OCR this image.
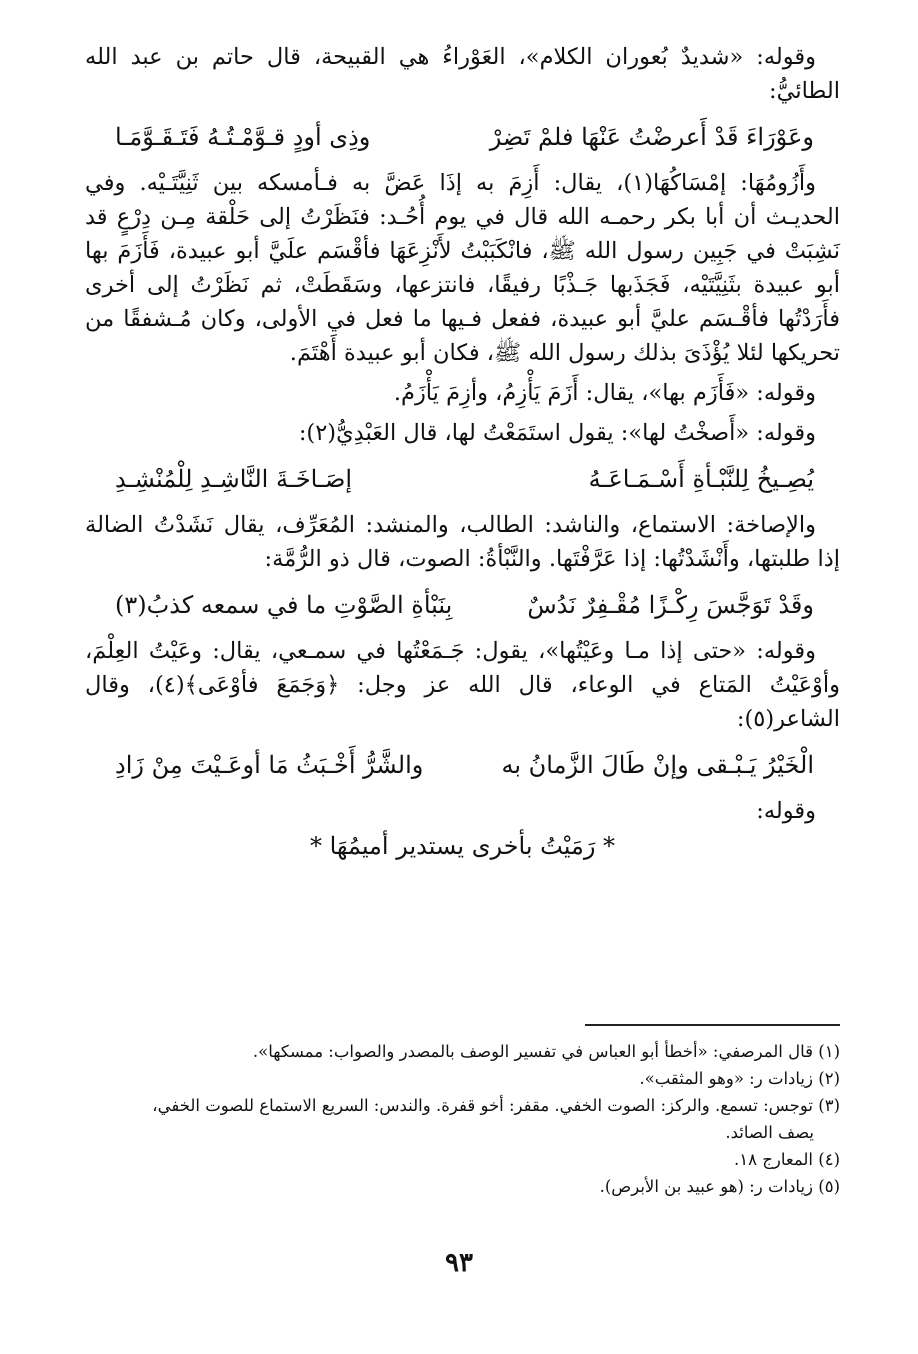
وقوله: «شديدٌ بُعوران الكلام»، العَوْراءُ هي القبيحة، قال حاتم بن عبد الله الطائيُّ:

وعَوْرَاءَ قَدْ أَعرضْتُ عَنْهَا فلمْ تَضِرْ
وذِى أودٍ قـوَّمْـتُـهُ فَتَـقَـوَّمَـا

وأَزُومُهَا: إمْسَاكُهَا(١)، يقال: أَزِمَ به إذَا عَضَّ به فـأمسكه بين ثَنِيَّتَـيْه. وفي الحديـث أن أبا بكر رحمـه الله قال في يوم أُحُـد: فنَظَرْتُ إلى حَلْقة مِـن دِرْعٍ قد نَشِبَتْ في جَبِين رسول الله ﷺ، فانْكَبَبْتُ لأَنْزِعَهَا فأقْسَم علَيَّ أبو عبيدة، فَأَزَمَ بها أبو عبيدة بثَنِيَّتَيْه، فَجَذَبها جَـذْبًا رفيقًا، فانتزعها، وسَقَطَتْ، ثم نَظَرْتُ إلى أخرى فأَرَدْتُها فأقْـسَم عليَّ أبو عبيدة، ففعل فـيها ما فعل في الأولى، وكان مُـشفقًا من تحريكها لئلا يُؤْذَىَ بذلك رسول الله ﷺ، فكان أبو عبيدة أَهْتَمَ.

وقوله: «فَأَزَم بها»، يقال: أَزَمَ يَأْزِمُ، وأزِمَ يَأْزَمُ.

وقوله: «أَصخْتُ لها»: يقول استَمَعْتُ لها، قال العَبْدِيُّ(٢):

يُصِـيخُ لِلنَّبْـأةِ أَسْـمَـاعَـهُ
إصَـاخَـةَ النَّاشِـدِ لِلْمُنْشِـدِ

والإصاخة: الاستماع، والناشد: الطالب، والمنشد: المُعَرِّف، يقال نَشَدْتُ الضالة إذا طلبتها، وأَنْشَدْتُها: إذا عَرَّفْتَها. والنَّبْأةُ: الصوت، قال ذو الرُّمَّة:

وقَدْ تَوَجَّسَ رِكْـزًا مُقْـفِرٌ نَدُسٌ
بِنَبْأةِ الصَّوْتِ ما في سمعه كذبُ(٣)

وقوله: «حتى إذا مـا وعَيْتُها»، يقول: جَـمَعْتُها في سمـعي، يقال: وعَيْتُ العِلْمَ، وأوْعَيْتُ المَتاع في الوعاء، قال الله عز وجل: ﴿وَجَمَعَ فأوْعَى﴾(٤)، وقال الشاعر(٥):

الْخَيْرُ يَـبْـقى وإنْ طَالَ الزَّمانُ به
والشَّرُّ أَخْـبَثُ مَا أوعَـيْتَ مِنْ زَادِ

وقوله:

* رَمَيْتُ بأخرى يستدير أميمُهَا *

(١) قال المرصفي: «أخطأ أبو العباس في تفسير الوصف بالمصدر والصواب: ممسكها».

(٢) زيادات ر: «وهو المثقب».

(٣) توجس: تسمع. والركز: الصوت الخفي. مقفر: أخو قفرة. والندس: السريع الاستماع للصوت الخفي،

يصف الصائد.

(٤) المعارج ١٨.

(٥) زيادات ر: (هو عبيد بن الأبرص).

٩٣
